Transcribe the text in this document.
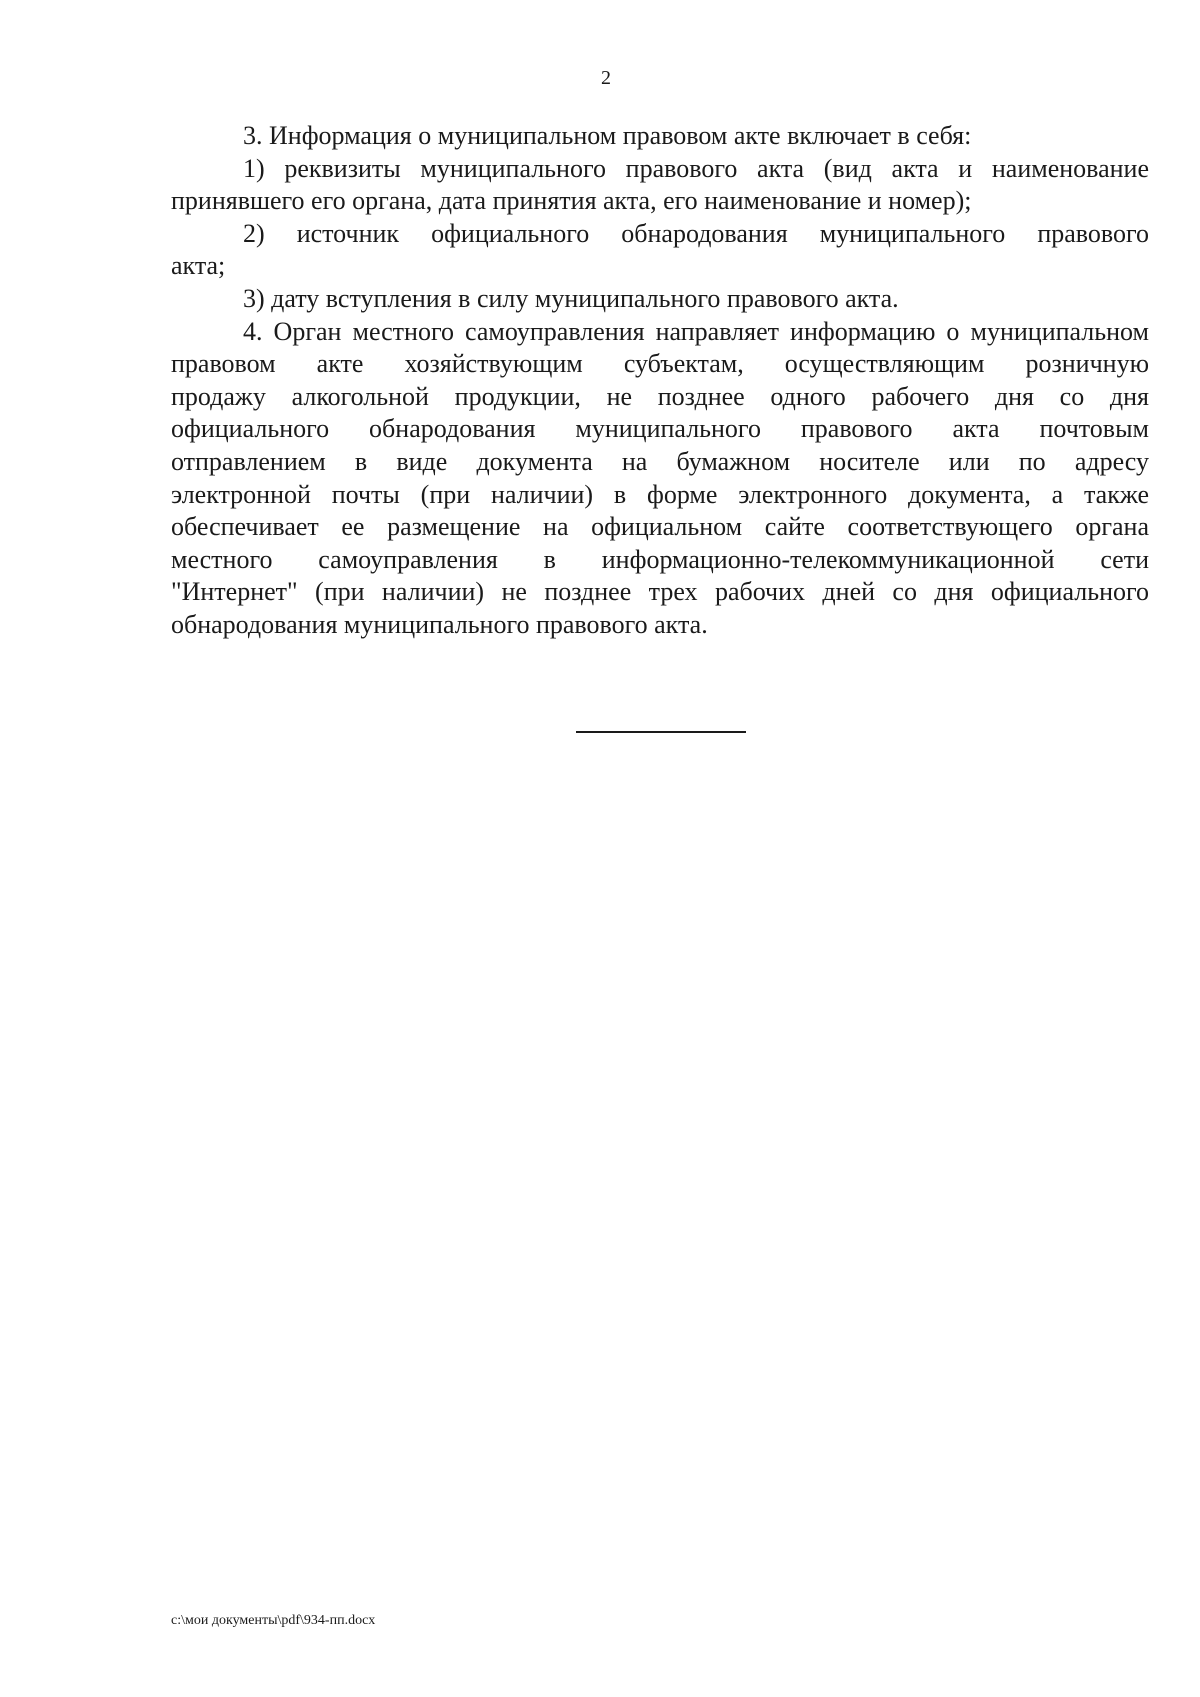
2
3. Информация о муниципальном правовом акте включает в себя:
1) реквизиты муниципального правового акта (вид акта и наименование
принявшего его органа, дата принятия акта, его наименование и номер);
2) источник официального обнародования муниципального правового
акта;
3) дату вступления в силу муниципального правового акта.
4. Орган местного самоуправления направляет информацию о муниципальном
правовом акте хозяйствующим субъектам, осуществляющим розничную
продажу алкогольной продукции, не позднее одного рабочего дня со дня
официального обнародования муниципального правового акта почтовым
отправлением в виде документа на бумажном носителе или по адресу
электронной почты (при наличии) в форме электронного документа, а также
обеспечивает ее размещение на официальном сайте соответствующего органа
местного самоуправления в информационно-телекоммуникационной сети
"Интернет" (при наличии) не позднее трех рабочих дней со дня официального
обнародования муниципального правового акта.
c:\мои документы\pdf\934-пп.docx
